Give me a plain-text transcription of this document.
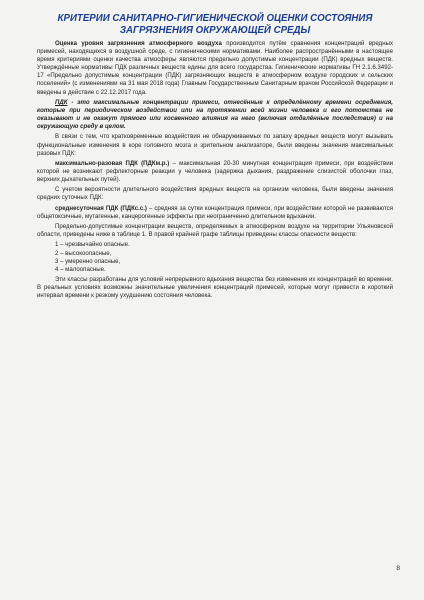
КРИТЕРИИ САНИТАРНО-ГИГИЕНИЧЕСКОЙ ОЦЕНКИ СОСТОЯНИЯ
ЗАГРЯЗНЕНИЯ ОКРУЖАЮЩЕЙ СРЕДЫ

Оценка уровня загрязнения атмосферного воздуха производится путём сравнения концентраций вредных примесей, находящихся в воздушной среде, с гигиеническими нормативами. Наиболее распространёнными в настоящее время критериями оценки качества атмосферы являются предельно допустимые концентрации (ПДК) вредных веществ. Утверждённые нормативы ПДК различных веществ едины для всего государства. Гигиенические нормативы ГН 2.1.6.3492-17 «Предельно допустимые концентрации (ПДК) загрязняющих веществ в атмосферном воздухе городских и сельских поселений» (с изменениями на 31 мая 2018 года) Главным Государственным Санитарным врачом Российской Федерации и введены в действие с 22.12.2017 года.

ПДК - это максимальные концентрации примеси, отнесённые к определённому времени осреднения, которые при периодическом воздействии или на протяжении всей жизни человека и его потомства не оказывают и не окажут прямого или косвенного влияния на него (включая отдалённые последствия) и на окружающую среду в целом.

В связи с тем, что кратковременные воздействия не обнаруживаемых по запаху вредных веществ могут вызывать функциональные изменения в коре головного мозга и зрительном анализаторе, были введены значения максимальных разовых ПДК:

максимально-разовая ПДК (ПДКм.р.) – максимальная 20-30 минутная концентрация примеси, при воздействии которой не возникают рефлекторные реакции у человека (задержка дыхания, раздражение слизистой оболочки глаз, верхних дыхательных путей).

С учетом вероятности длительного воздействия вредных веществ на организм человека, были введены значения средних суточных ПДК:

среднесуточная ПДК (ПДКс.с.) – средняя за сутки концентрация примеси, при воздействии которой не развиваются общетоксичные, мутагенные, канцерогенные эффекты при неограниченно длительном вдыхании.

Предельно-допустимые концентрации веществ, определяемых в атмосферном воздухе на территории Ульяновской области, приведены ниже в таблице 1. В правой крайней графе таблицы приведены классы опасности веществ:

1 – чрезвычайно опасные.
2 – высокоопасные,
3 – умеренно опасные,
4 – малоопасные.

Эти классы разработаны для условий непрерывного вдыхания вещества без изменения их концентраций во времени. В реальных условиях возможны значительные увеличения концентраций примесей, которые могут привести в короткий интервал времени к резкому ухудшению состояния человека.

8
